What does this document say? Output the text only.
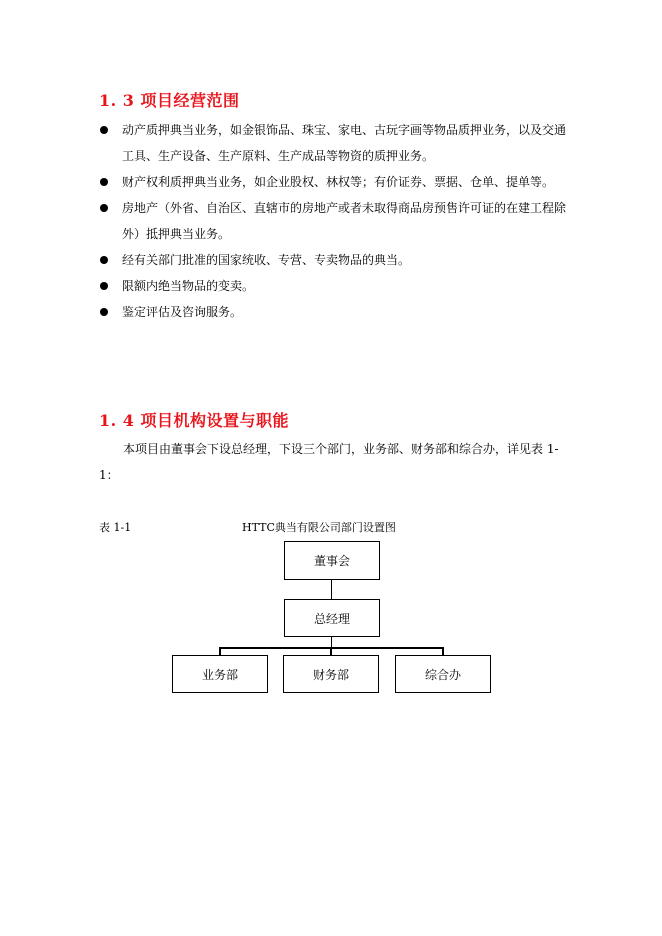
1. 3 项目经营范围
动产质押典当业务，如金银饰品、珠宝、家电、古玩字画等物品质押业务，以及交通工具、生产设备、生产原料、生产成品等物资的质押业务。
财产权利质押典当业务，如企业股权、林权等；有价证券、票据、仓单、提单等。
房地产（外省、自治区、直辖市的房地产或者未取得商品房预售许可证的在建工程除外）抵押典当业务。
经有关部门批准的国家统收、专营、专卖物品的典当。
限额内绝当物品的变卖。
鉴定评估及咨询服务。
1. 4 项目机构设置与职能
本项目由董事会下设总经理，下设三个部门，业务部、财务部和综合办，详见表 1-1：
表 1-1	HTTC典当有限公司部门设置图
董事会
总经理
业务部	财务部	综合办
